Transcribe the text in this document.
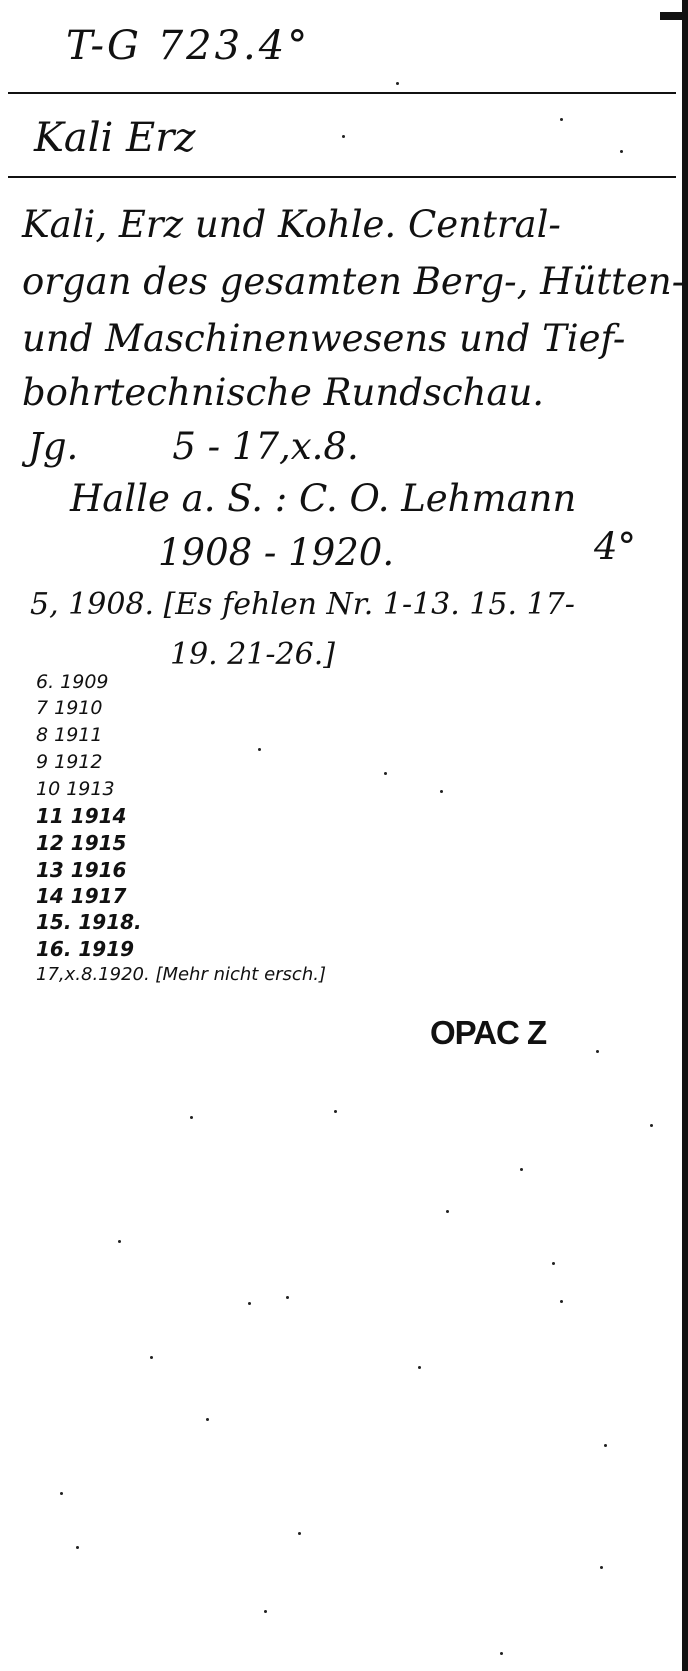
T-G 723.4°
Kali Erz
Kali, Erz und Kohle. Central-
organ des gesamten Berg-, Hütten-
und Maschinenwesens und Tief-
bohrtechnische Rundschau.
Jg.        5 - 17,x.8.
Halle a. S. : C. O. Lehmann
1908 - 1920.	4°
5, 1908. [Es fehlen Nr. 1-13. 15. 17-
19. 21-26.]
6. 1909
7 1910
8 1911
9 1912
10 1913
11 1914
12 1915
13 1916
14 1917
15. 1918.
16. 1919
17,x.8.1920. [Mehr nicht ersch.]
OPAC Z
